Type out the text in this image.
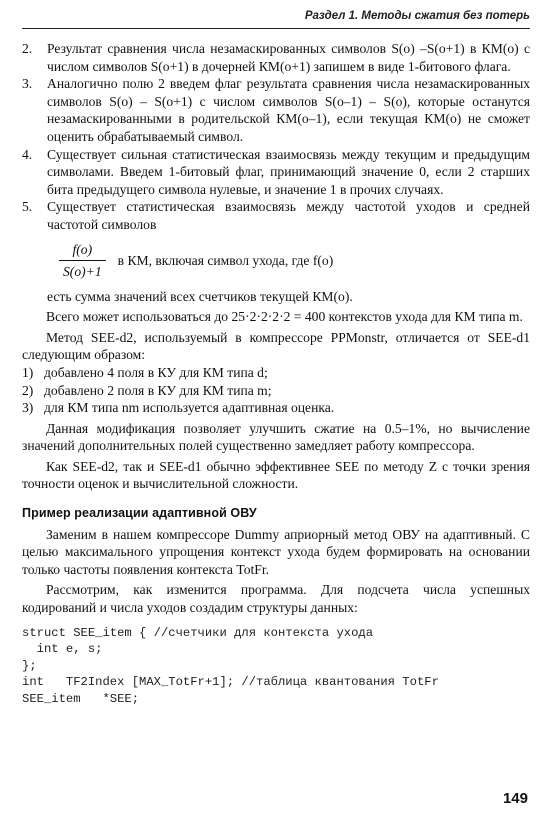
Раздел 1. Методы сжатия без потерь
2. Результат сравнения числа незамаскированных символов S(o) –S(o+1) в КМ(o) с числом символов S(o+1) в дочерней КМ(o+1) запишем в виде 1-битового флага.
3. Аналогично полю 2 введем флаг результата сравнения числа незамаскированных символов S(o) – S(o+1) с числом символов S(o–1) – S(o), которые останутся незамаскированными в родительской КМ(o–1), если текущая КМ(o) не сможет оценить обрабатываемый символ.
4. Существует сильная статистическая взаимосвязь между текущим и предыдущим символами. Введем 1-битовый флаг, принимающий значение 0, если 2 старших бита предыдущего символа нулевые, и значение 1 в прочих случаях.
5. Существует статистическая взаимосвязь между частотой уходов и средней частотой символов
$\frac{f(o)}{S(o)+1}$ в КМ, включая символ ухода, где f(o)
есть сумма значений всех счетчиков текущей КМ(o).
Всего может использоваться до 25·2·2·2·2 = 400 контекстов ухода для КМ типа m.
Метод SEE-d2, используемый в компрессоре PPMonstr, отличается от SEE-d1 следующим образом:
1) добавлено 4 поля в КУ для КМ типа d;
2) добавлено 2 поля в КУ для КМ типа m;
3) для КМ типа nm используется адаптивная оценка.
Данная модификация позволяет улучшить сжатие на 0.5–1%, но вычисление значений дополнительных полей существенно замедляет работу компрессора.
Как SEE-d2, так и SEE-d1 обычно эффективнее SEE по методу Z с точки зрения точности оценок и вычислительной сложности.
Пример реализации адаптивной ОВУ
Заменим в нашем компрессоре Dummy априорный метод ОВУ на адаптивный. С целью максимального упрощения контекст ухода будем формировать на основании только частоты появления контекста TotFr.
Рассмотрим, как изменится программа. Для подсчета числа успешных кодирований и числа уходов создадим структуры данных:
struct SEE_item { //счетчики для контекста ухода
int e, s;
};
int   TF2Index [MAX_TotFr+1]; //таблица квантования TotFr
SEE_item   *SEE;
149
